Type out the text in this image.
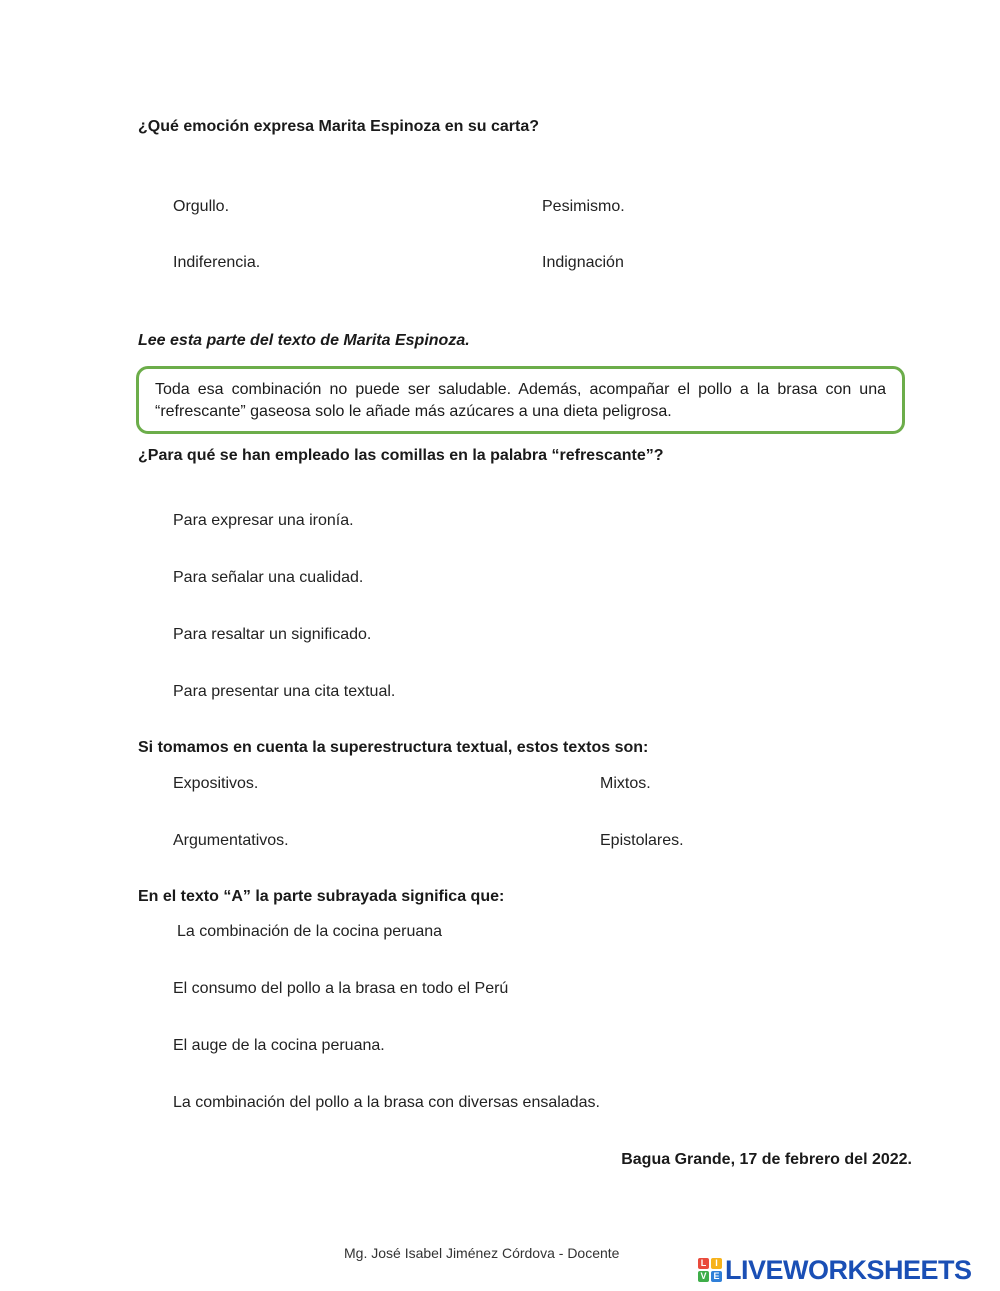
¿Qué emoción expresa Marita Espinoza en su carta?
Orgullo.	Pesimismo.
Indiferencia.	Indignación
Lee esta parte del texto de Marita Espinoza.
Toda esa combinación no puede ser saludable. Además, acompañar el pollo a la brasa con una “refrescante” gaseosa solo le añade más azúcares a una dieta peligrosa.
¿Para qué se han empleado las comillas en la palabra “refrescante”?
Para expresar una ironía.
Para señalar una cualidad.
Para resaltar un significado.
Para presentar una cita textual.
Si tomamos en cuenta la superestructura textual, estos textos son:
Expositivos.	Mixtos.
Argumentativos.	Epistolares.
En el texto “A” la parte subrayada significa que:
La combinación de la cocina peruana
El consumo del pollo a la brasa en todo el Perú
El auge de la cocina peruana.
La combinación del pollo a la brasa con diversas ensaladas.
Bagua Grande, 17 de febrero del 2022.
Mg. José Isabel Jiménez Córdova - Docente
L I
V E LIVEWORKSHEETS
